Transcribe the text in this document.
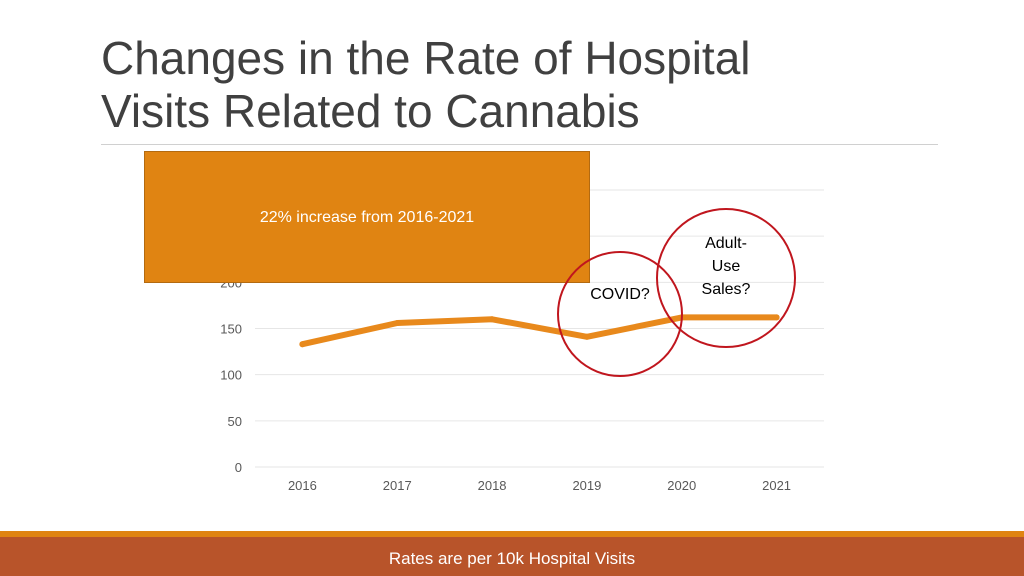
Changes in the Rate of Hospital
Visits Related to Cannabis
0
50
100
150
2016	2017	2018	2019	2020	2021
22% increase from 2016-2021
COVID?
Adult-Use Sales?
Rates are per 10k Hospital Visits
